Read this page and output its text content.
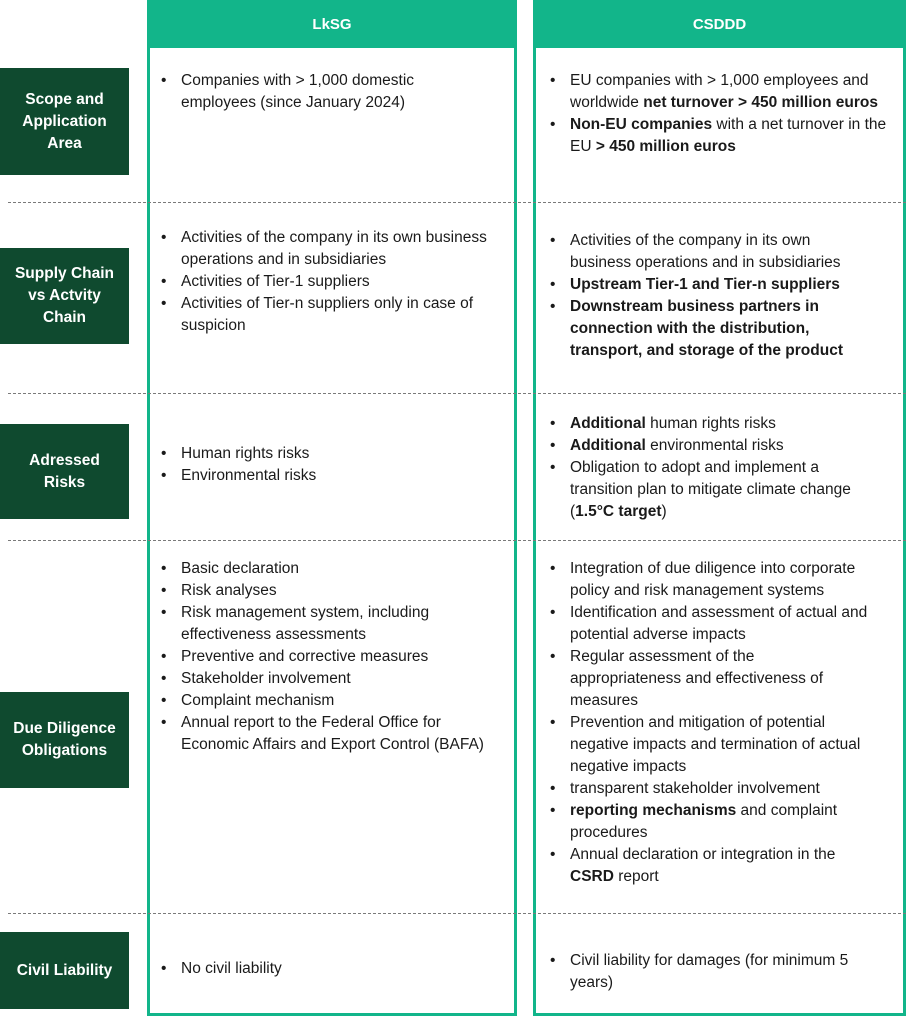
LkSG	CSDDD
Scope and Application Area
Supply Chain vs Actvity Chain
Adressed Risks
Due Diligence Obligations
Civil Liability
• Companies with > 1,000 domestic employees (since January 2024)
• EU companies with > 1,000 employees and worldwide net turnover > 450 million euros
• Non-EU companies with a net turnover in the EU > 450 million euros
• Activities of the company in its own business operations and in subsidiaries
• Activities of Tier-1 suppliers
• Activities of Tier-n suppliers only in case of suspicion
• Activities of the company in its own business operations and in subsidiaries
• Upstream Tier-1 and Tier-n suppliers
• Downstream business partners in connection with the distribution, transport, and storage of the product
• Human rights risks
• Environmental risks
• Additional human rights risks
• Additional environmental risks
• Obligation to adopt and implement a transition plan to mitigate climate change (1.5°C target)
• Basic declaration
• Risk analyses
• Risk management system, including effectiveness assessments
• Preventive and corrective measures
• Stakeholder involvement
• Complaint mechanism
• Annual report to the Federal Office for Economic Affairs and Export Control (BAFA)
• Integration of due diligence into corporate policy and risk management systems
• Identification and assessment of actual and potential adverse impacts
• Regular assessment of the appropriateness and effectiveness of measures
• Prevention and mitigation of potential negative impacts and termination of actual negative impacts
• transparent stakeholder involvement
• reporting mechanisms and complaint procedures
• Annual declaration or integration in the CSRD report
• No civil liability
•	Civil liability for damages (for minimum 5 years)
